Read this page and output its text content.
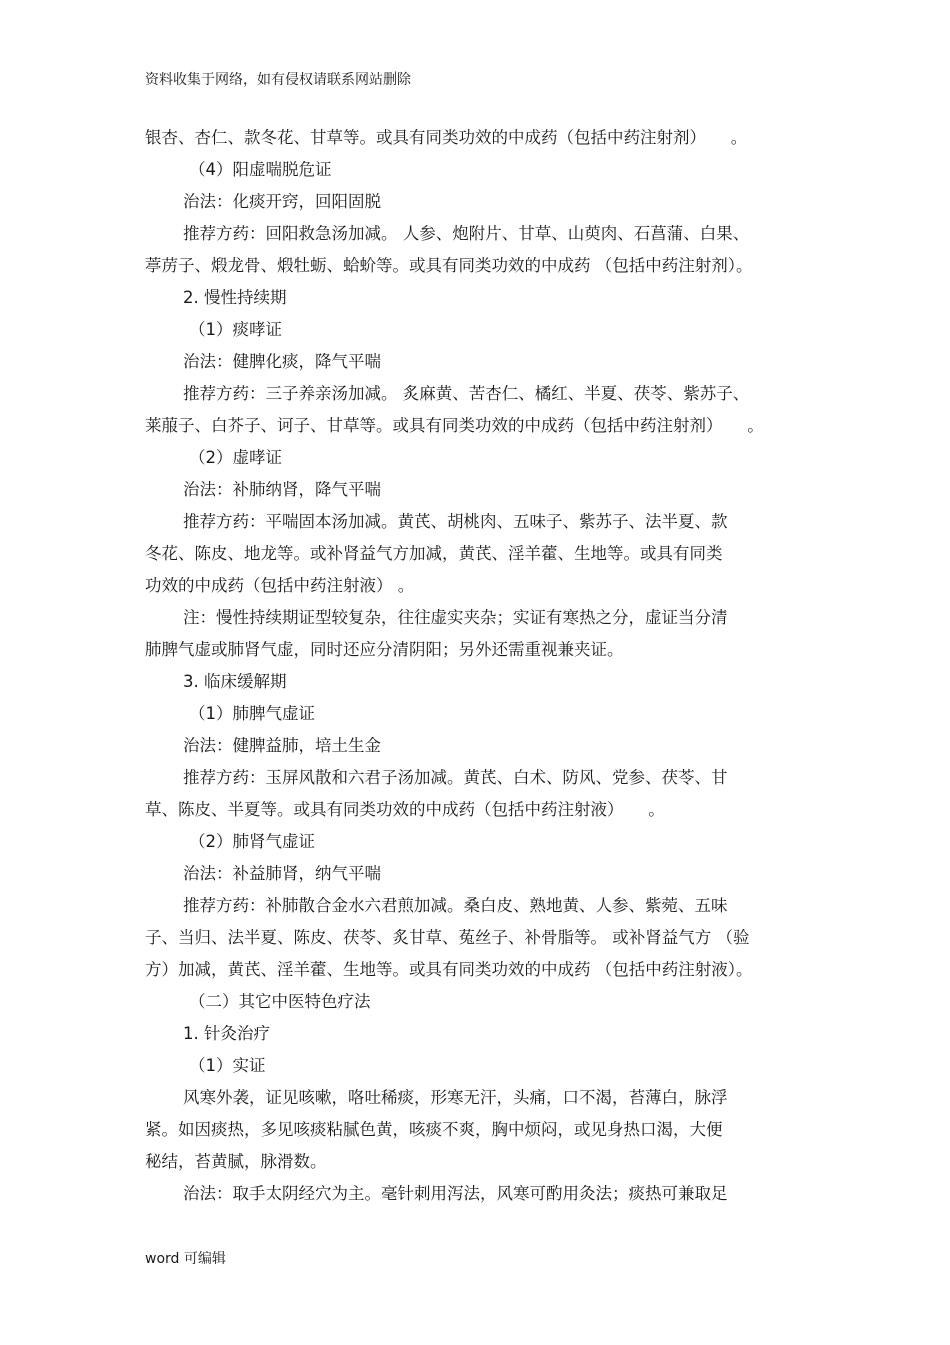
资料收集于网络，如有侵权请联系网站删除
银杏、杏仁、款冬花、甘草等。或具有同类功效的中成药（包括中药注射剂）　　。
（4）阳虚喘脱危证
治法：化痰开窍，回阳固脱
推荐方药：回阳救急汤加减。 人参、炮附片、甘草、山萸肉、石菖蒲、白果、
葶苈子、煅龙骨、煅牡蛎、蛤蚧等。或具有同类功效的中成药 （包括中药注射剂）。
2. 慢性持续期
（1）痰哮证
治法：健脾化痰，降气平喘
推荐方药：三子养亲汤加减。 炙麻黄、苦杏仁、橘红、半夏、茯苓、紫苏子、
莱菔子、白芥子、诃子、甘草等。或具有同类功效的中成药（包括中药注射剂）　　。
（2）虚哮证
治法：补肺纳肾，降气平喘
推荐方药：平喘固本汤加减。黄芪、胡桃肉、五味子、紫苏子、法半夏、款
冬花、陈皮、地龙等。或补肾益气方加减，黄芪、淫羊藿、生地等。或具有同类
功效的中成药（包括中药注射液） 。
注：慢性持续期证型较复杂，往往虚实夹杂；实证有寒热之分，虚证当分清
肺脾气虚或肺肾气虚，同时还应分清阴阳；另外还需重视兼夹证。
3. 临床缓解期
（1）肺脾气虚证
治法：健脾益肺，培土生金
推荐方药：玉屏风散和六君子汤加减。黄芪、白术、防风、党参、茯苓、甘
草、陈皮、半夏等。或具有同类功效的中成药（包括中药注射液）　　。
（2）肺肾气虚证
治法：补益肺肾，纳气平喘
推荐方药：补肺散合金水六君煎加减。桑白皮、熟地黄、人参、紫菀、五味
子、当归、法半夏、陈皮、茯苓、炙甘草、菟丝子、补骨脂等。 或补肾益气方 （验
方）加减，黄芪、淫羊藿、生地等。或具有同类功效的中成药 （包括中药注射液）。
（二）其它中医特色疗法
1. 针灸治疗
（1）实证
风寒外袭，证见咳嗽，咯吐稀痰，形寒无汗，头痛，口不渴，苔薄白，脉浮
紧。如因痰热，多见咳痰粘腻色黄，咳痰不爽，胸中烦闷，或见身热口渴，大便
秘结，苔黄腻，脉滑数。
治法：取手太阴经穴为主。毫针刺用泻法，风寒可酌用灸法；痰热可兼取足
word 可编辑
